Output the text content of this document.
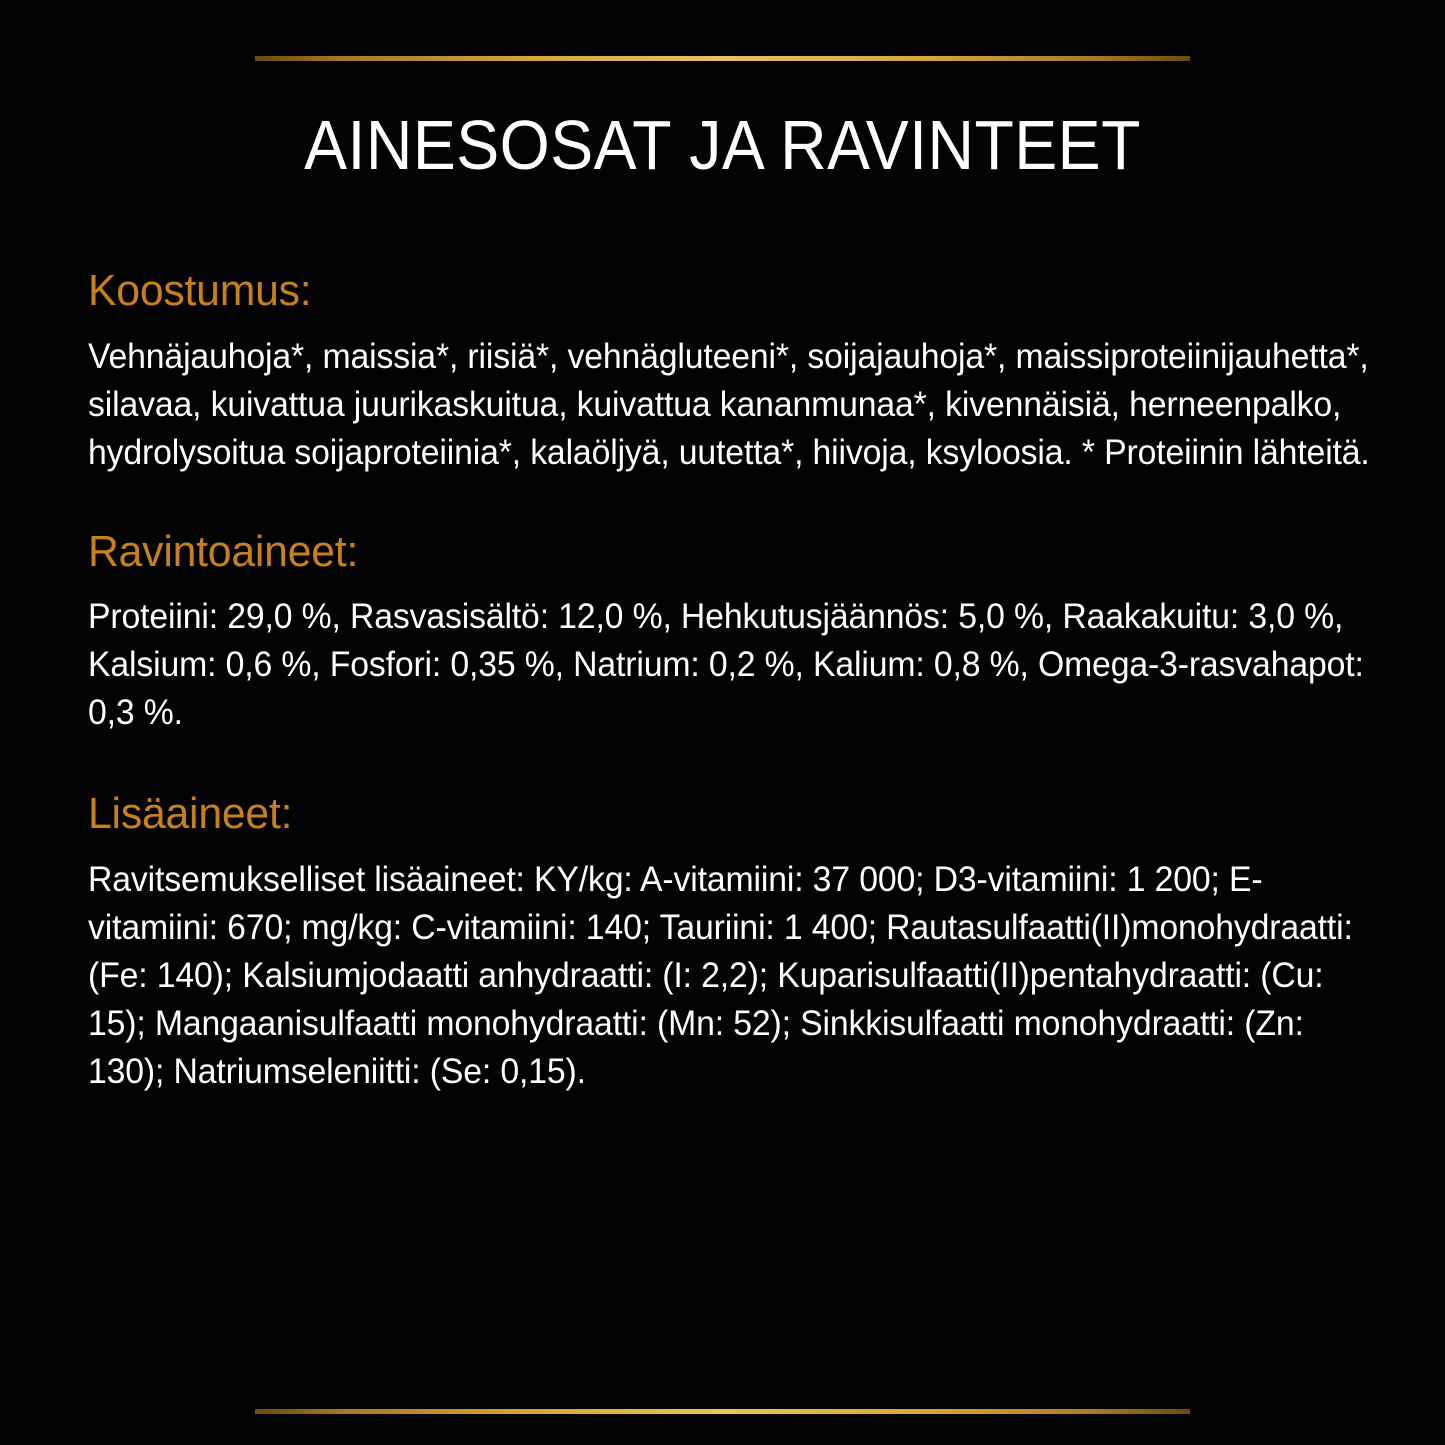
AINESOSAT JA RAVINTEET
Koostumus:

Vehnäjauhoja*, maissia*, riisiä*, vehnägluteeni*, soijajauhoja*, maissiproteiinijauhetta*, silavaa, kuivattua juurikaskuitua, kuivattua kananmunaa*, kivennäisiä, herneenpalko, hydrolysoitua soijaproteiinia*, kalaöljyä, uutetta*, hiivoja, ksyloosia. * Proteiinin lähteitä.

Ravintoaineet:

Proteiini: 29,0 %, Rasvasisältö: 12,0 %, Hehkutusjäännös: 5,0 %, Raakakuitu: 3,0 %, Kalsium: 0,6 %, Fosfori: 0,35 %, Natrium: 0,2 %, Kalium: 0,8 %, Omega-3-rasvahapot: 0,3 %.

Lisäaineet:

Ravitsemukselliset lisäaineet: KY/kg: A-vitamiini: 37 000; D3-vitamiini: 1 200; E-vitamiini: 670; mg/kg: C-vitamiini: 140; Tauriini: 1 400; Rautasulfaatti(II)monohydraatti: (Fe: 140); Kalsiumjodaatti anhydraatti: (I: 2,2); Kuparisulfaatti(II)pentahydraatti: (Cu: 15); Mangaanisulfaatti monohydraatti: (Mn: 52); Sinkkisulfaatti monohydraatti: (Zn: 130); Natriumseleniitti: (Se: 0,15).
